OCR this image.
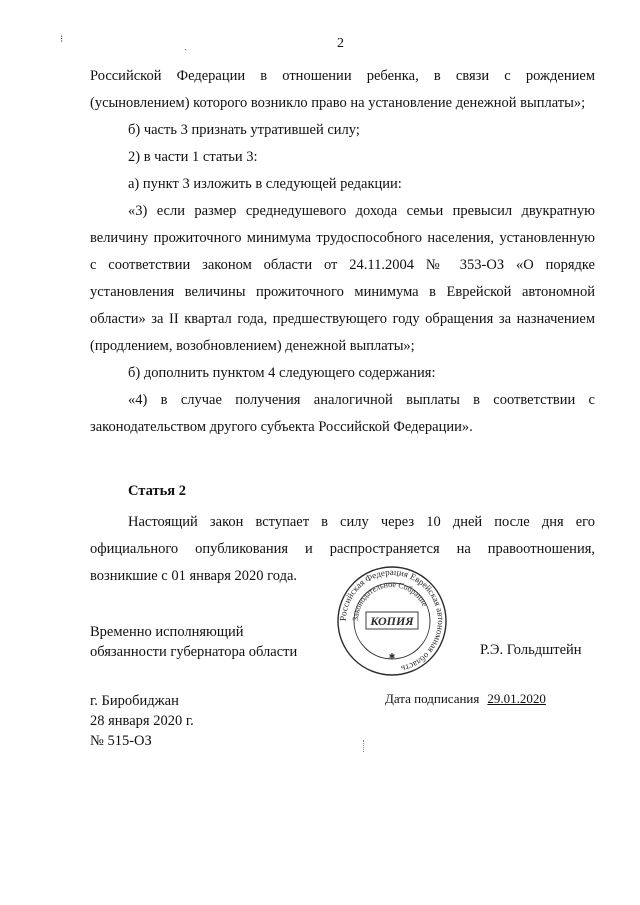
2
⁝
ˏ

Российской Федерации в отношении ребенка, в связи с рождением (усыновлением) которого возникло право на установление денежной выплаты»;

б) часть 3 признать утратившей силу;

2) в части 1 статьи 3:

а) пункт 3 изложить в следующей редакции:

«3) если размер среднедушевого дохода семьи превысил двукратную величину прожиточного минимума трудоспособного населения, установленную с соответствии законом области от 24.11.2004 № 353-ОЗ «О порядке установления величины прожиточного минимума в Еврейской автономной области» за II квартал года, предшествующего году обращения за назначением (продлением, возобновлением) денежной выплаты»;

б) дополнить пунктом 4 следующего содержания:

«4) в случае получения аналогичной выплаты в соответствии с законодательством другого субъекта Российской Федерации».

Статья 2

Настоящий закон вступает в силу через 10 дней после дня его официального опубликования и распространяется на правоотношения, возникшие с 01 января 2020 года.

Временно исполняющий
обязанности губернатора области
Российская Федерация Еврейская автономная область
Законодательное Собрание
КОПИЯ
✱	Р.Э. Гольдштейн
г. Биробиджан
28 января 2020 г.
№ 515-ОЗ
Дата подписания 29.01.2020
